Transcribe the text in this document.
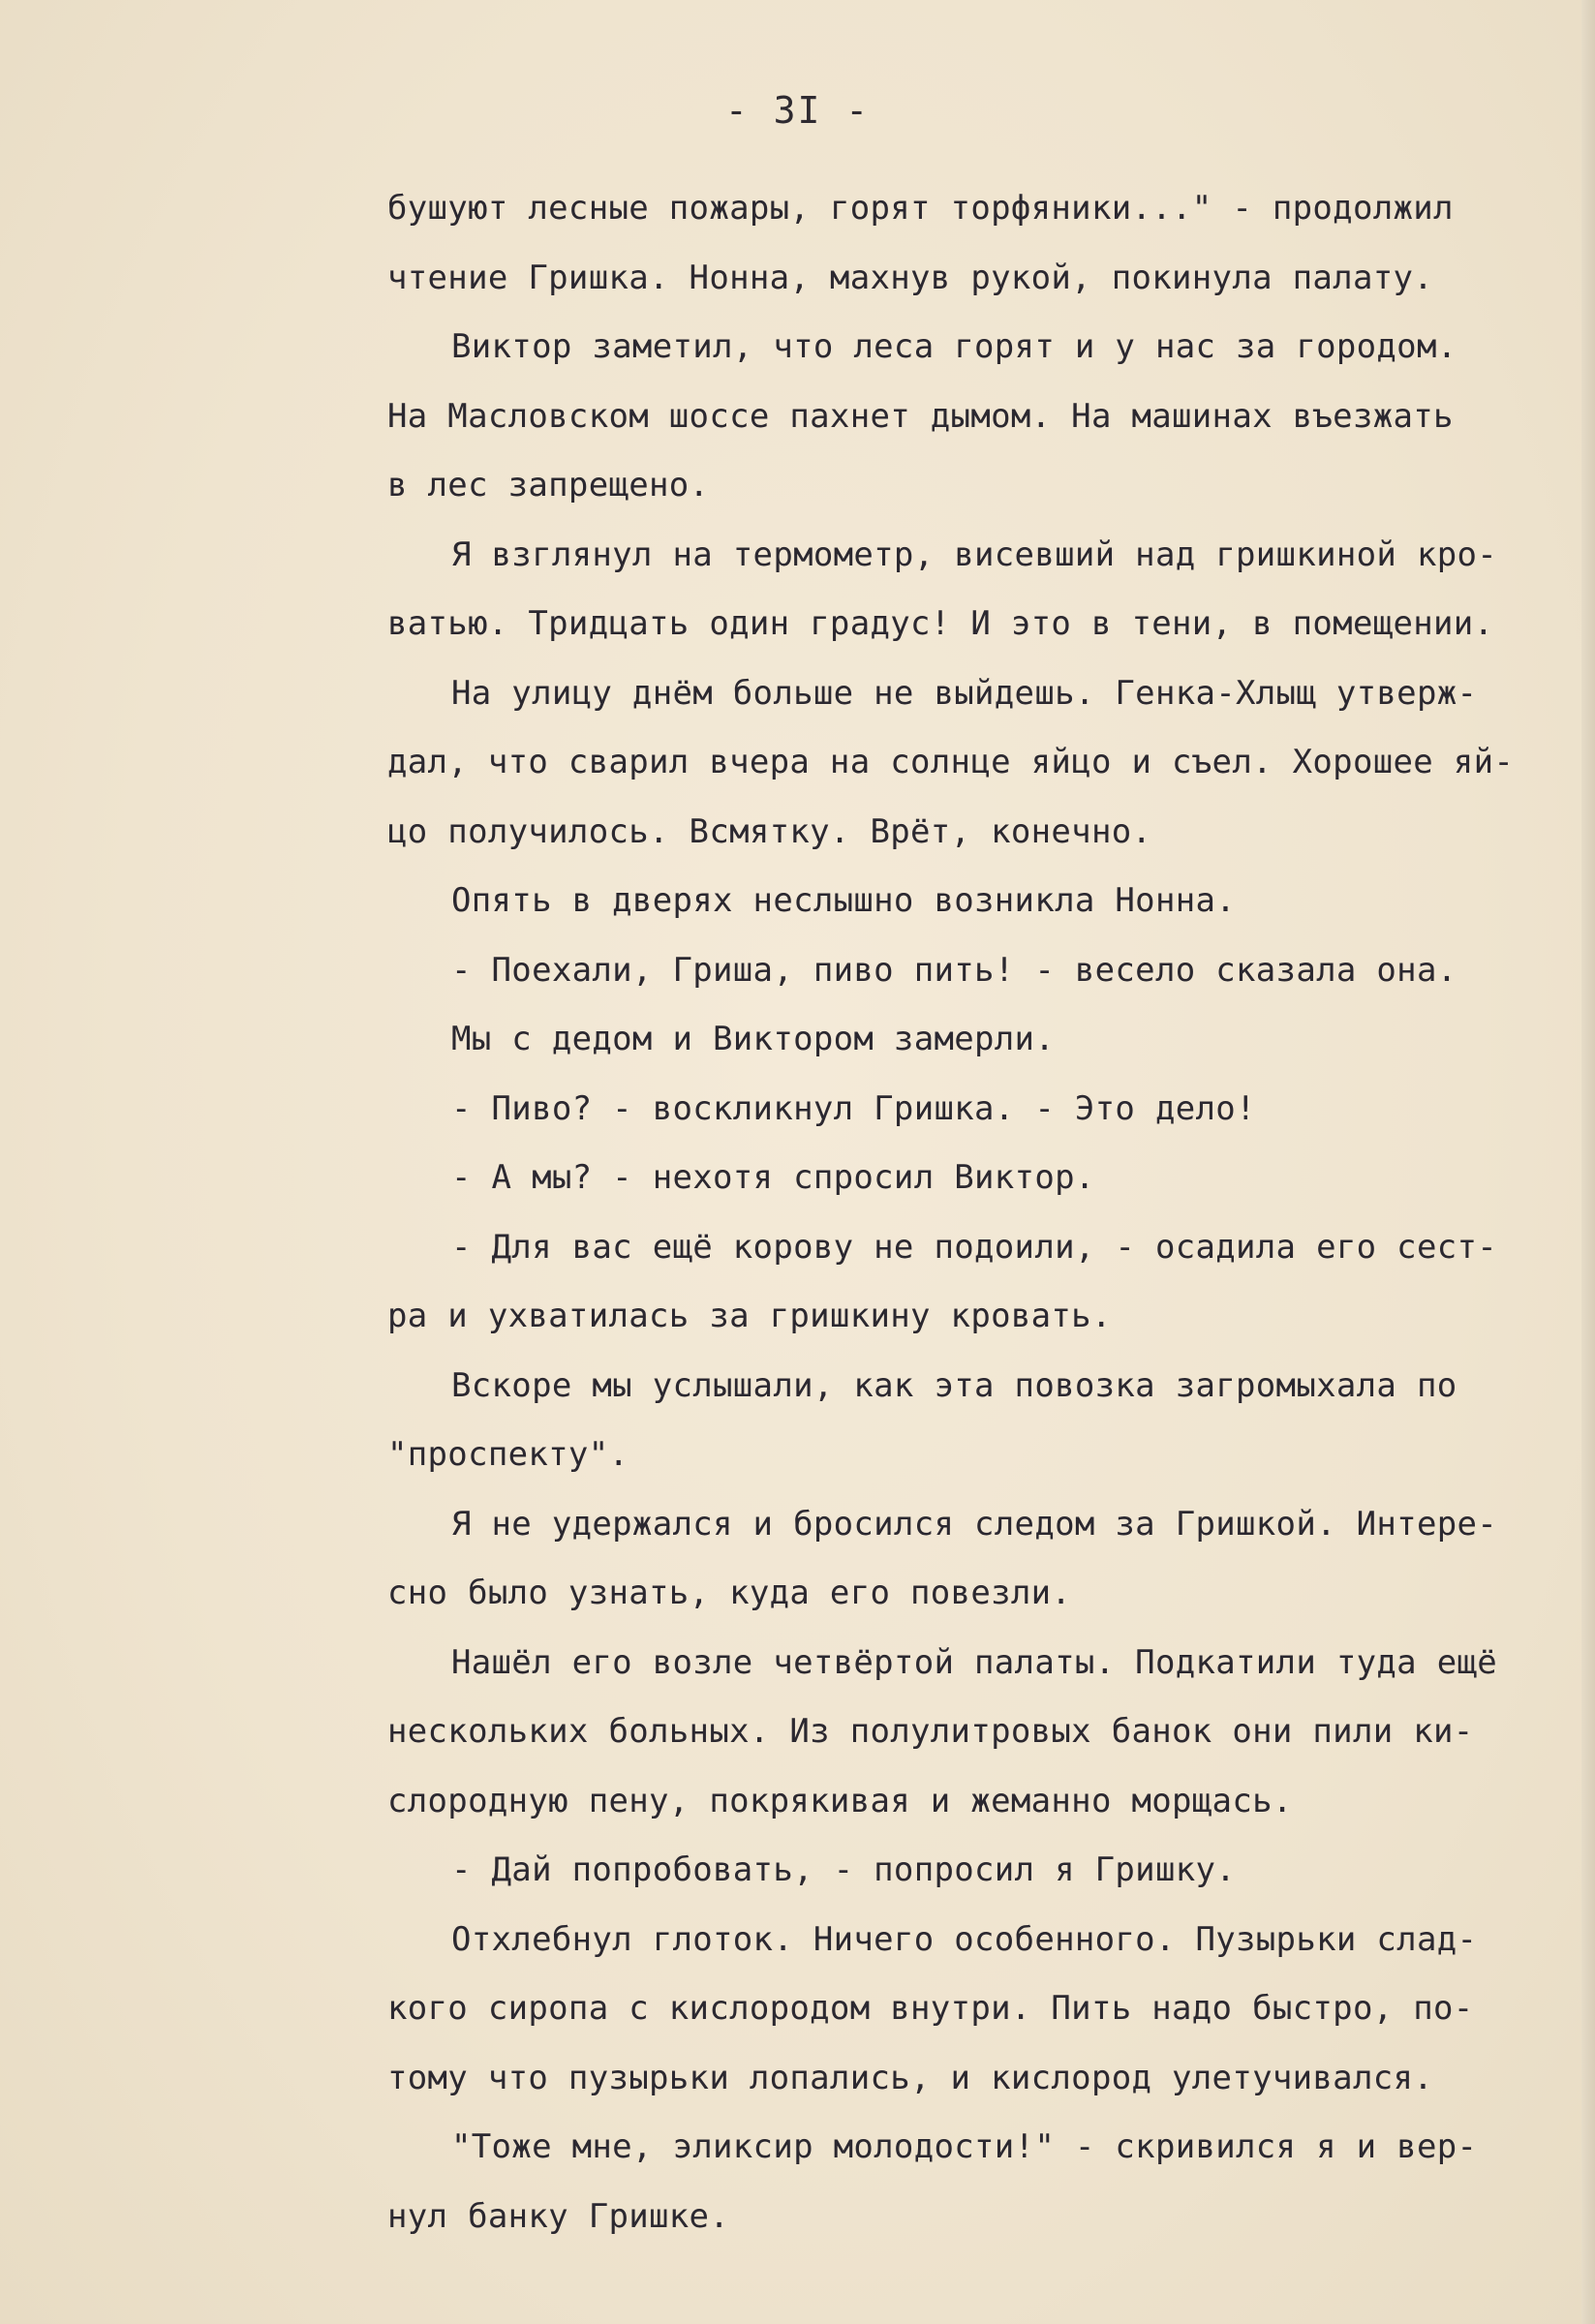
- 3I -
бушуют лесные пожары, горят торфяники..." - продолжил
чтение Гришка. Нонна, махнув рукой, покинула палату.
Виктор заметил, что леса горят и у нас за городом.
На Масловском шоссе пахнет дымом. На машинах въезжать
в лес запрещено.
Я взглянул на термометр, висевший над гришкиной кро-
ватью. Тридцать один градус! И это в тени, в помещении.
На улицу днём больше не выйдешь. Генка-Хлыщ утверж-
дал, что сварил вчера на солнце яйцо и съел. Хорошее яй-
цо получилось. Всмятку. Врёт, конечно.
Опять в дверях неслышно возникла Нонна.
- Поехали, Гриша, пиво пить! - весело сказала она.
Мы с дедом и Виктором замерли.
- Пиво? - воскликнул Гришка. - Это дело!
- А мы? - нехотя спросил Виктор.
- Для вас ещё корову не подоили, - осадила его сест-
ра и ухватилась за гришкину кровать.
Вскоре мы услышали, как эта повозка загромыхала по
"проспекту".
Я не удержался и бросился следом за Гришкой. Интере-
сно было узнать, куда его повезли.
Нашёл его возле четвёртой палаты. Подкатили туда ещё
нескольких больных. Из полулитровых банок они пили ки-
слородную пену, покрякивая и жеманно морщась.
- Дай попробовать, - попросил я Гришку.
Отхлебнул глоток. Ничего особенного. Пузырьки слад-
кого сиропа с кислородом внутри. Пить надо быстро, по-
тому что пузырьки лопались, и кислород улетучивался.
"Тоже мне, эликсир молодости!" - скривился я и вер-
нул банку Гришке.
